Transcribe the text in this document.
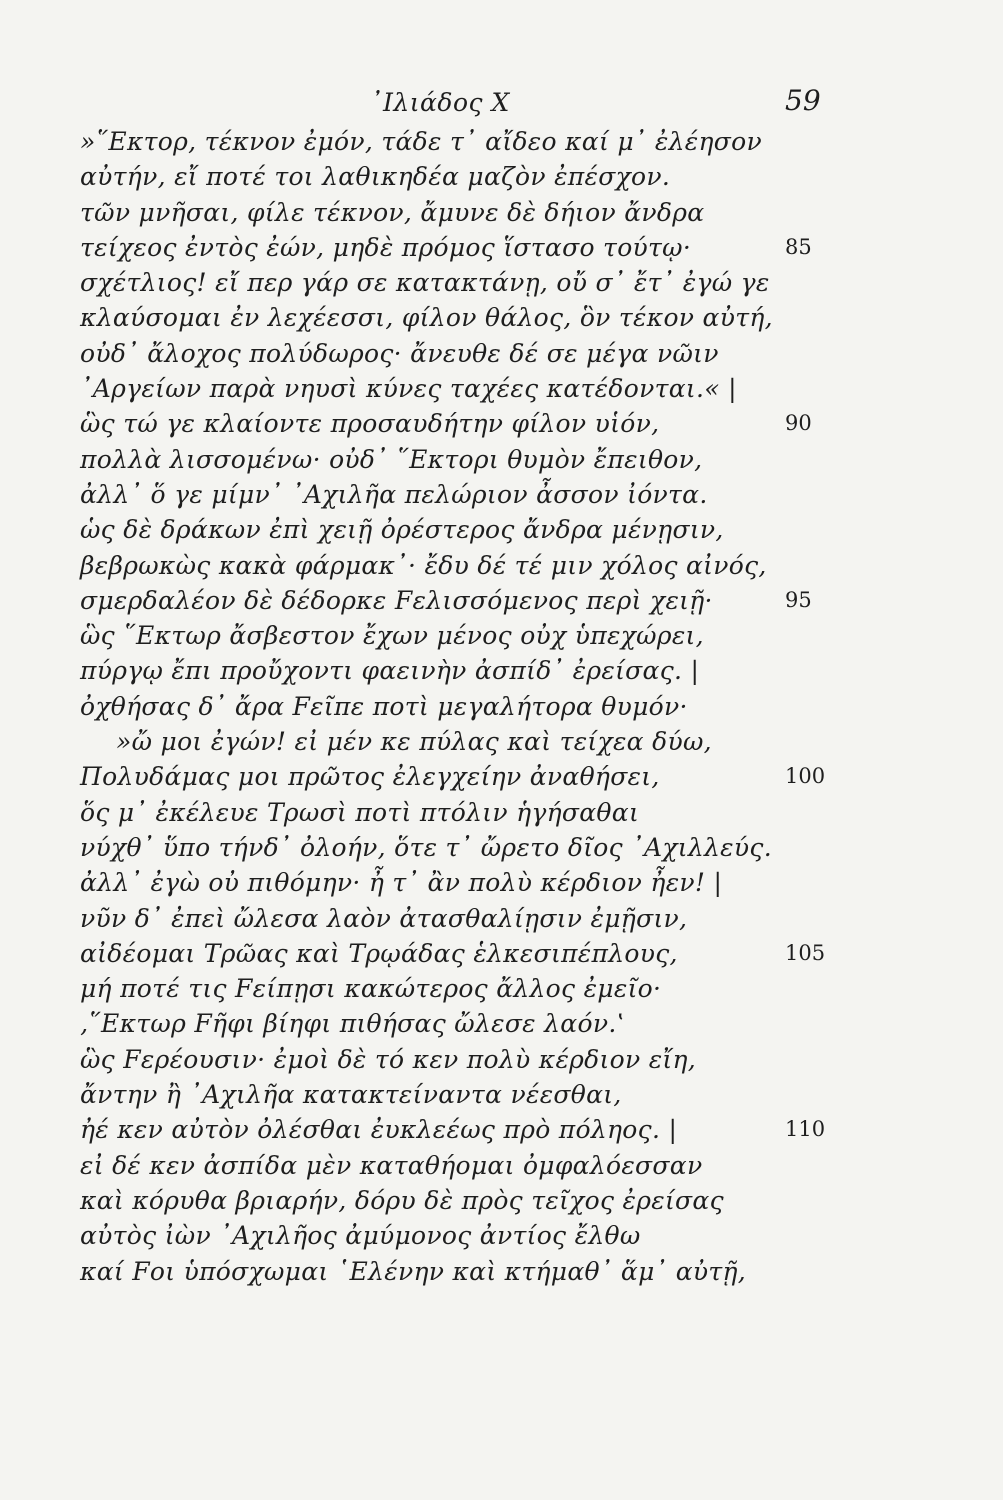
᾽Ιλιάδος Χ	59
»῞Εκτορ, τέκνον ἐμόν, τάδε τ᾽ αἴδεο καί μ᾽ ἐλέησον
αὐτήν, εἴ ποτέ τοι λαθικηδέα μαζὸν ἐπέσχον.
τῶν μνῆσαι, φίλε τέκνον, ἄμυνε δὲ δήιον ἄνδρα
τείχεος ἐντὸς ἐών, μηδὲ πρόμος ἵστασο τούτῳ·	85
σχέτλιος! εἴ περ γάρ σε κατακτάνῃ, οὔ σ᾽ ἔτ᾽ ἐγώ γε
κλαύσομαι ἐν λεχέεσσι, φίλον θάλος, ὃν τέκον αὐτή,
οὐδ᾽ ἄλοχος πολύδωρος· ἄνευθε δέ σε μέγα νῶιν
᾽Αργείων παρὰ νηυσὶ κύνες ταχέες κατέδονται.« |
ὣς τώ γε κλαίοντε προσαυδήτην φίλον υἱόν,	90
πολλὰ λισσομένω· οὐδ᾽ ῞Εκτορι θυμὸν ἔπειθον,
ἀλλ᾽ ὅ γε μίμν᾽ ᾽Αχιλῆα πελώριον ἆσσον ἰόντα.
ὡς δὲ δράκων ἐπὶ χειῇ ὀρέστερος ἄνδρα μένῃσιν,
βεβρωκὼς κακὰ φάρμακ᾽· ἔδυ δέ τέ μιν χόλος αἰνός,
σμερδαλέον δὲ δέδορκε Fελισσόμενος περὶ χειῇ·	95
ὣς ῞Εκτωρ ἄσβεστον ἔχων μένος οὐχ ὑπεχώρει,
πύργῳ ἔπι προὔχοντι φαεινὴν ἀσπίδ᾽ ἐρείσας. |
ὀχθήσας δ᾽ ἄρα Fεῖπε ποτὶ μεγαλήτορα θυμόν·
»ὤ μοι ἐγών! εἰ μέν κε πύλας καὶ τείχεα δύω,
Πολυδάμας μοι πρῶτος ἐλεγχείην ἀναθήσει,	100
ὅς μ᾽ ἐκέλευε Τρωσὶ ποτὶ πτόλιν ἡγήσαθαι
νύχθ᾽ ὕπο τήνδ᾽ ὀλοήν, ὅτε τ᾽ ὤρετο δῖος ᾽Αχιλλεύς.
ἀλλ᾽ ἐγὼ οὐ πιθόμην· ἦ τ᾽ ἂν πολὺ κέρδιον ἦεν! |
νῦν δ᾽ ἐπεὶ ὤλεσα λαὸν ἀτασθαλίῃσιν ἐμῇσιν,
αἰδέομαι Τρῶας καὶ Τρῳάδας ἑλκεσιπέπλους,	105
μή ποτέ τις Fείπῃσι κακώτερος ἄλλος ἐμεῖο·
‚῞Εκτωρ Fῆφι βίηφι πιθήσας ὤλεσε λαόν.‛
ὣς Fερέουσιν· ἐμοὶ δὲ τό κεν πολὺ κέρδιον εἴη,
ἄντην ἢ ᾽Αχιλῆα κατακτείναντα νέεσθαι,
ἠέ κεν αὐτὸν ὀλέσθαι ἐυκλεέως πρὸ πόληος. |	110
εἰ δέ κεν ἀσπίδα μὲν καταθήομαι ὀμφαλόεσσαν
καὶ κόρυθα βριαρήν, δόρυ δὲ πρὸς τεῖχος ἐρείσας
αὐτὸς ἰὼν ᾽Αχιλῆος ἀμύμονος ἀντίος ἔλθω
καί Fοι ὑπόσχωμαι ῾Ελένην καὶ κτήμαθ᾽ ἅμ᾽ αὐτῇ,
